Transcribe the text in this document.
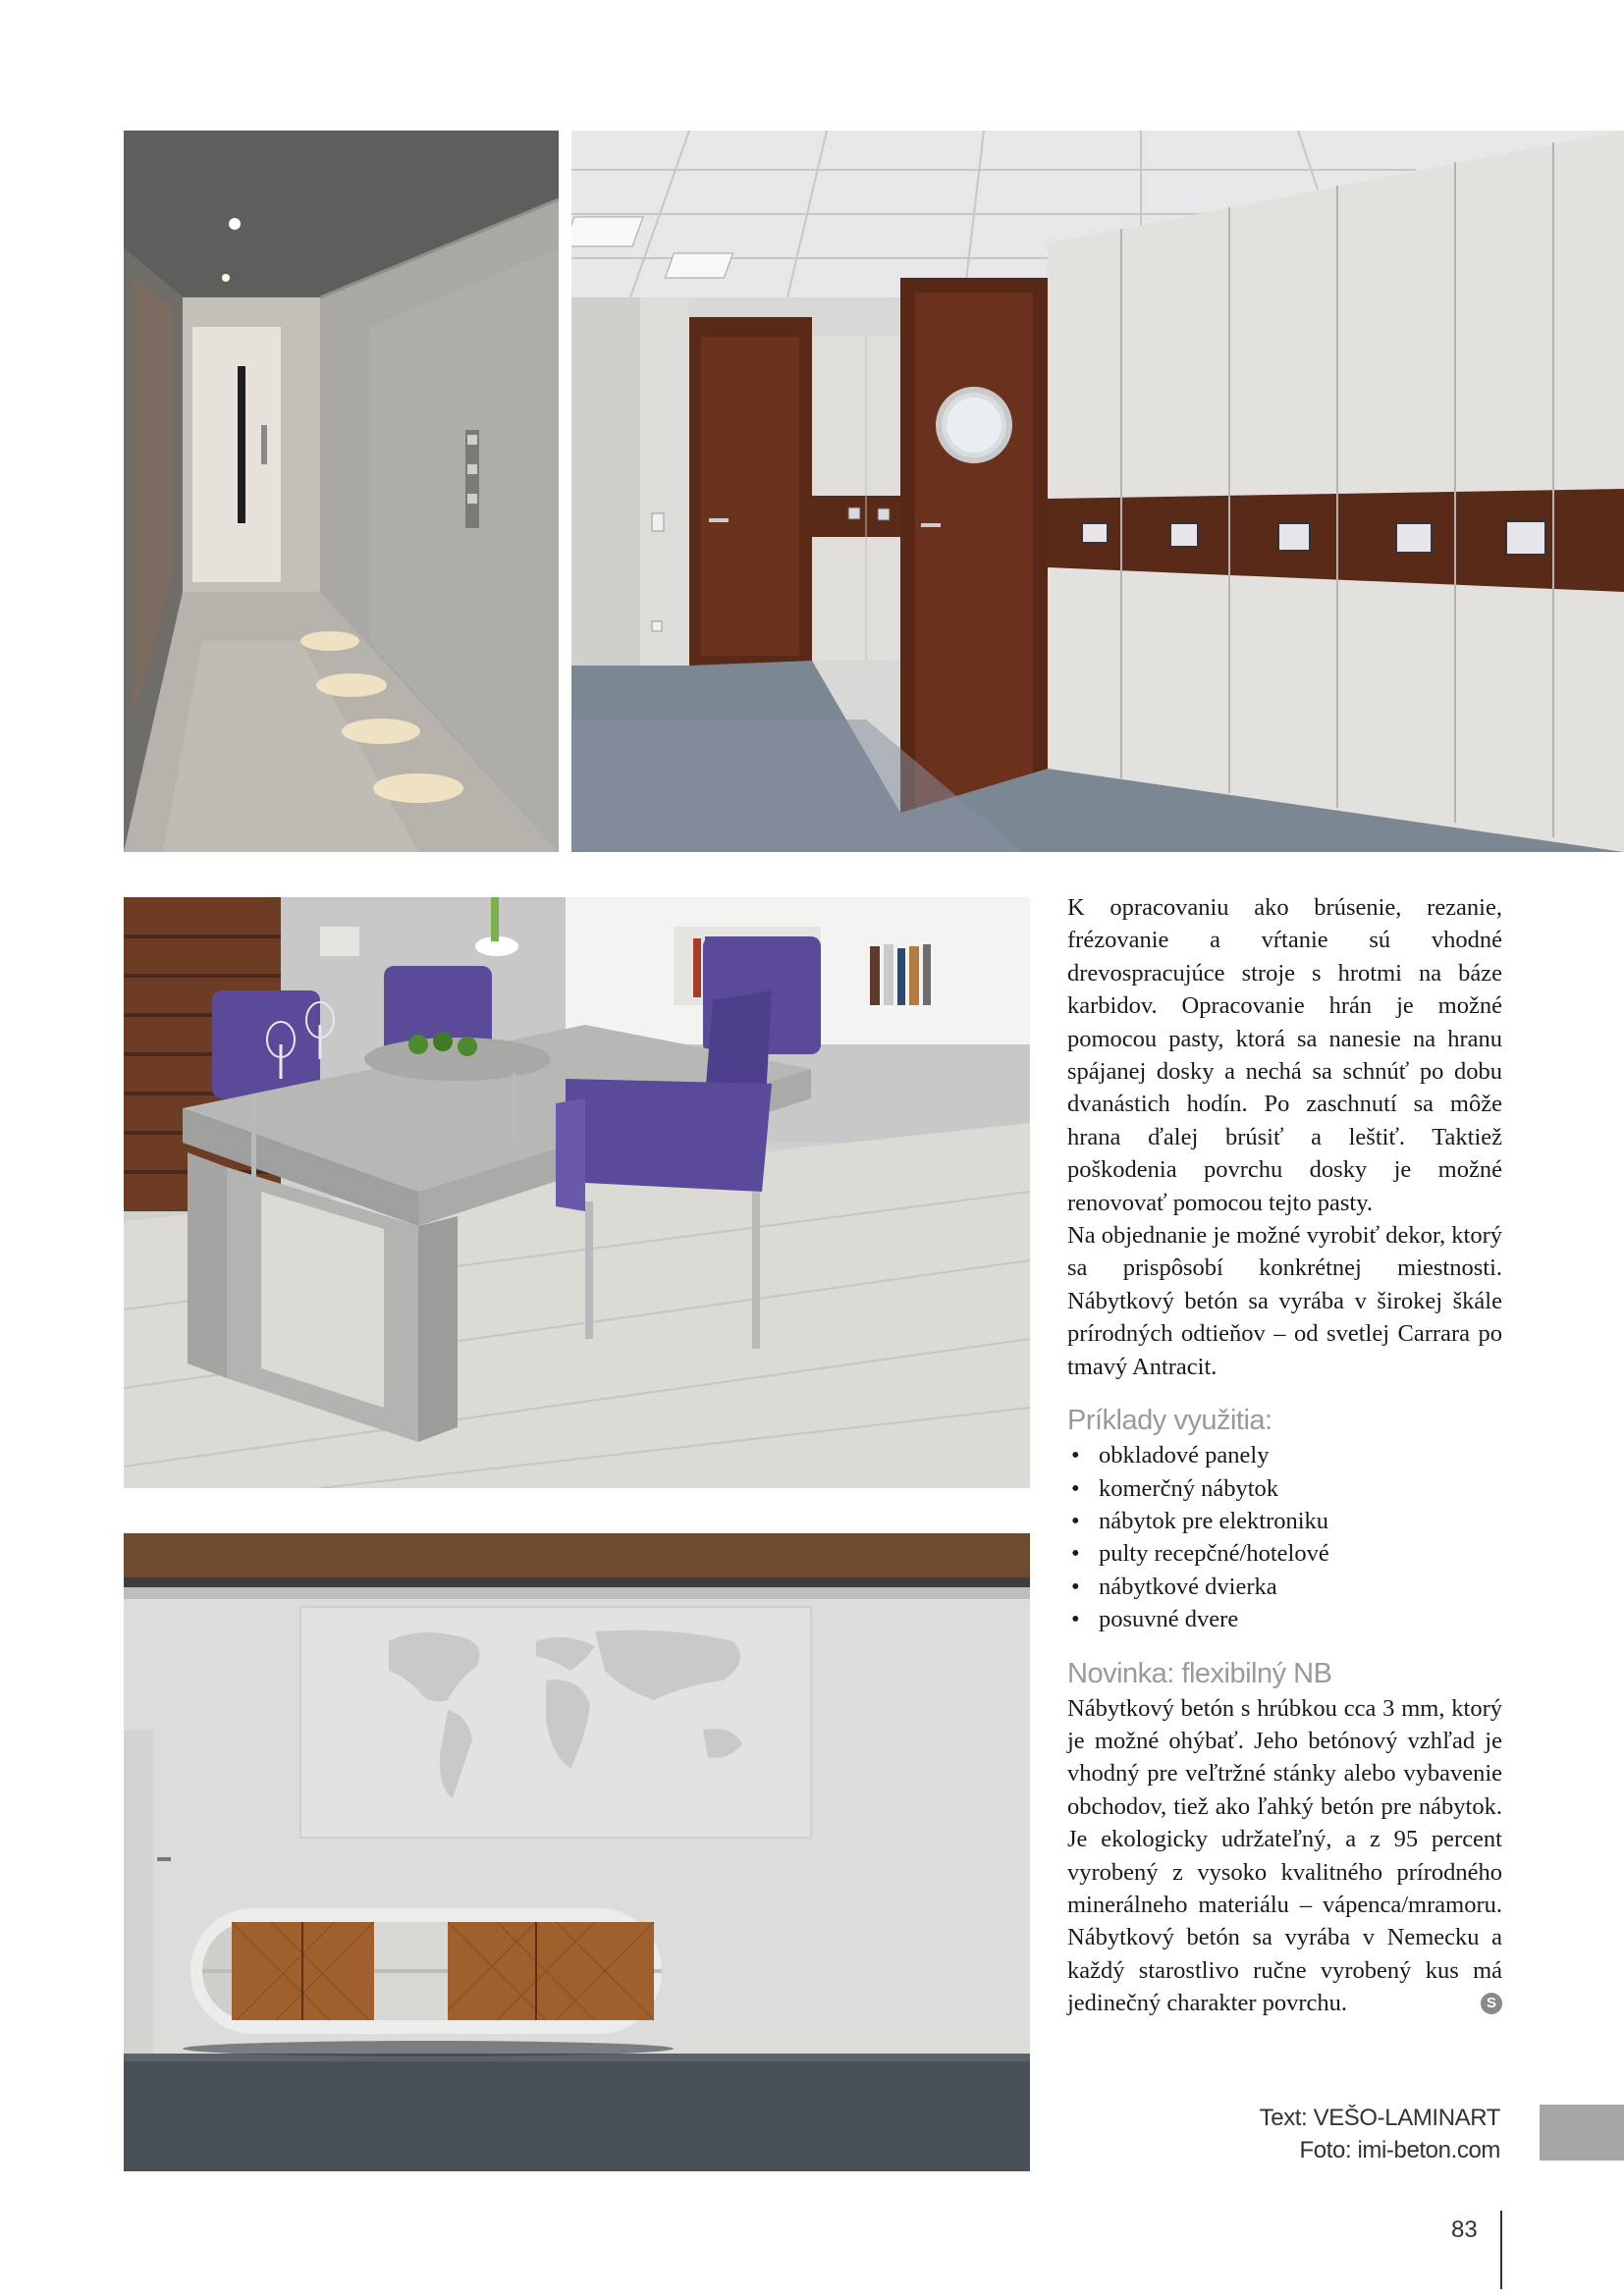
K opracovaniu ako brúsenie, rezanie, frézovanie a vŕtanie sú vhodné drevospracujúce stroje s hrotmi na báze karbidov. Opracovanie hrán je možné pomocou pasty, ktorá sa nanesie na hranu spájanej dosky a nechá sa schnúť po dobu dvanástich hodín. Po zaschnutí sa môže hrana ďalej brúsiť a leštiť. Taktiež poškodenia povrchu dosky je možné renovovať pomocou tejto pasty.

Na objednanie je možné vyrobiť dekor, ktorý sa prispôsobí konkrétnej miestnosti. Nábytkový betón sa vyrába v širokej škále prírodných odtieňov – od svetlej Carrara po tmavý Antracit.

Príklady využitia:
• obkladové panely
• komerčný nábytok
• nábytok pre elektroniku
• pulty recepčné/hotelové
• nábytkové dvierka
• posuvné dvere
Novinka: flexibilný NB

Nábytkový betón s hrúbkou cca 3 mm, ktorý je možné ohýbať. Jeho betónový vzhľad je vhodný pre veľtržné stánky alebo vybavenie obchodov, tiež ako ľahký betón pre nábytok. Je ekologicky udržateľný, a z 95 percent vyrobený z vysoko kvalitného prírodného minerálneho materiálu – vápenca/mramoru. Nábytkový betón sa vyrába v Nemecku a každý starostlivo ručne vyrobený kus má jedinečný charakter povrchu.	S

Text: VEŠO-LAMINART
Foto: imi-beton.com
83
